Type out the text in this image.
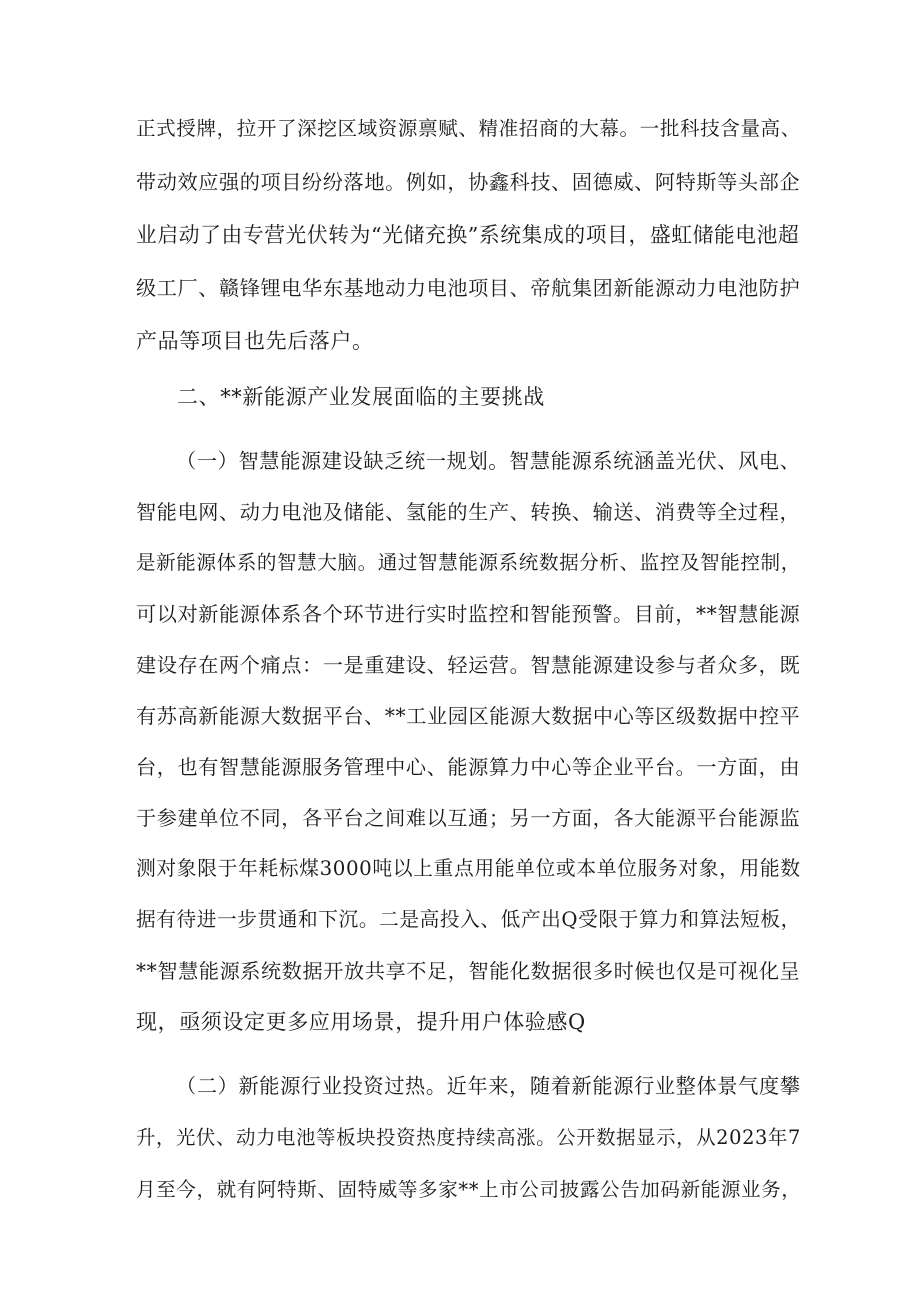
正式授牌，拉开了深挖区域资源禀赋、精准招商的大幕。一批科技含量高、
带动效应强的项目纷纷落地。例如，协鑫科技、固德威、阿特斯等头部企
业启动了由专营光伏转为“光储充换”系统集成的项目，盛虹储能电池超
级工厂、赣锋锂电华东基地动力电池项目、帝航集团新能源动力电池防护
产品等项目也先后落户。
二、**新能源产业发展面临的主要挑战
（一）智慧能源建设缺乏统一规划。智慧能源系统涵盖光伏、风电、
智能电网、动力电池及储能、氢能的生产、转换、输送、消费等全过程，
是新能源体系的智慧大脑。通过智慧能源系统数据分析、监控及智能控制，
可以对新能源体系各个环节进行实时监控和智能预警。目前，**智慧能源
建设存在两个痛点：一是重建设、轻运营。智慧能源建设参与者众多，既
有苏高新能源大数据平台、**工业园区能源大数据中心等区级数据中控平
台，也有智慧能源服务管理中心、能源算力中心等企业平台。一方面，由
于参建单位不同，各平台之间难以互通；另一方面，各大能源平台能源监
测对象限于年耗标煤3000吨以上重点用能单位或本单位服务对象，用能数
据有待进一步贯通和下沉。二是高投入、低产出Q受限于算力和算法短板，
**智慧能源系统数据开放共享不足，智能化数据很多时候也仅是可视化呈
现，亟须设定更多应用场景，提升用户体验感Q
（二）新能源行业投资过热。近年来，随着新能源行业整体景气度攀
升，光伏、动力电池等板块投资热度持续高涨。公开数据显示，从2023年7
月至今，就有阿特斯、固特威等多家**上市公司披露公告加码新能源业务，
